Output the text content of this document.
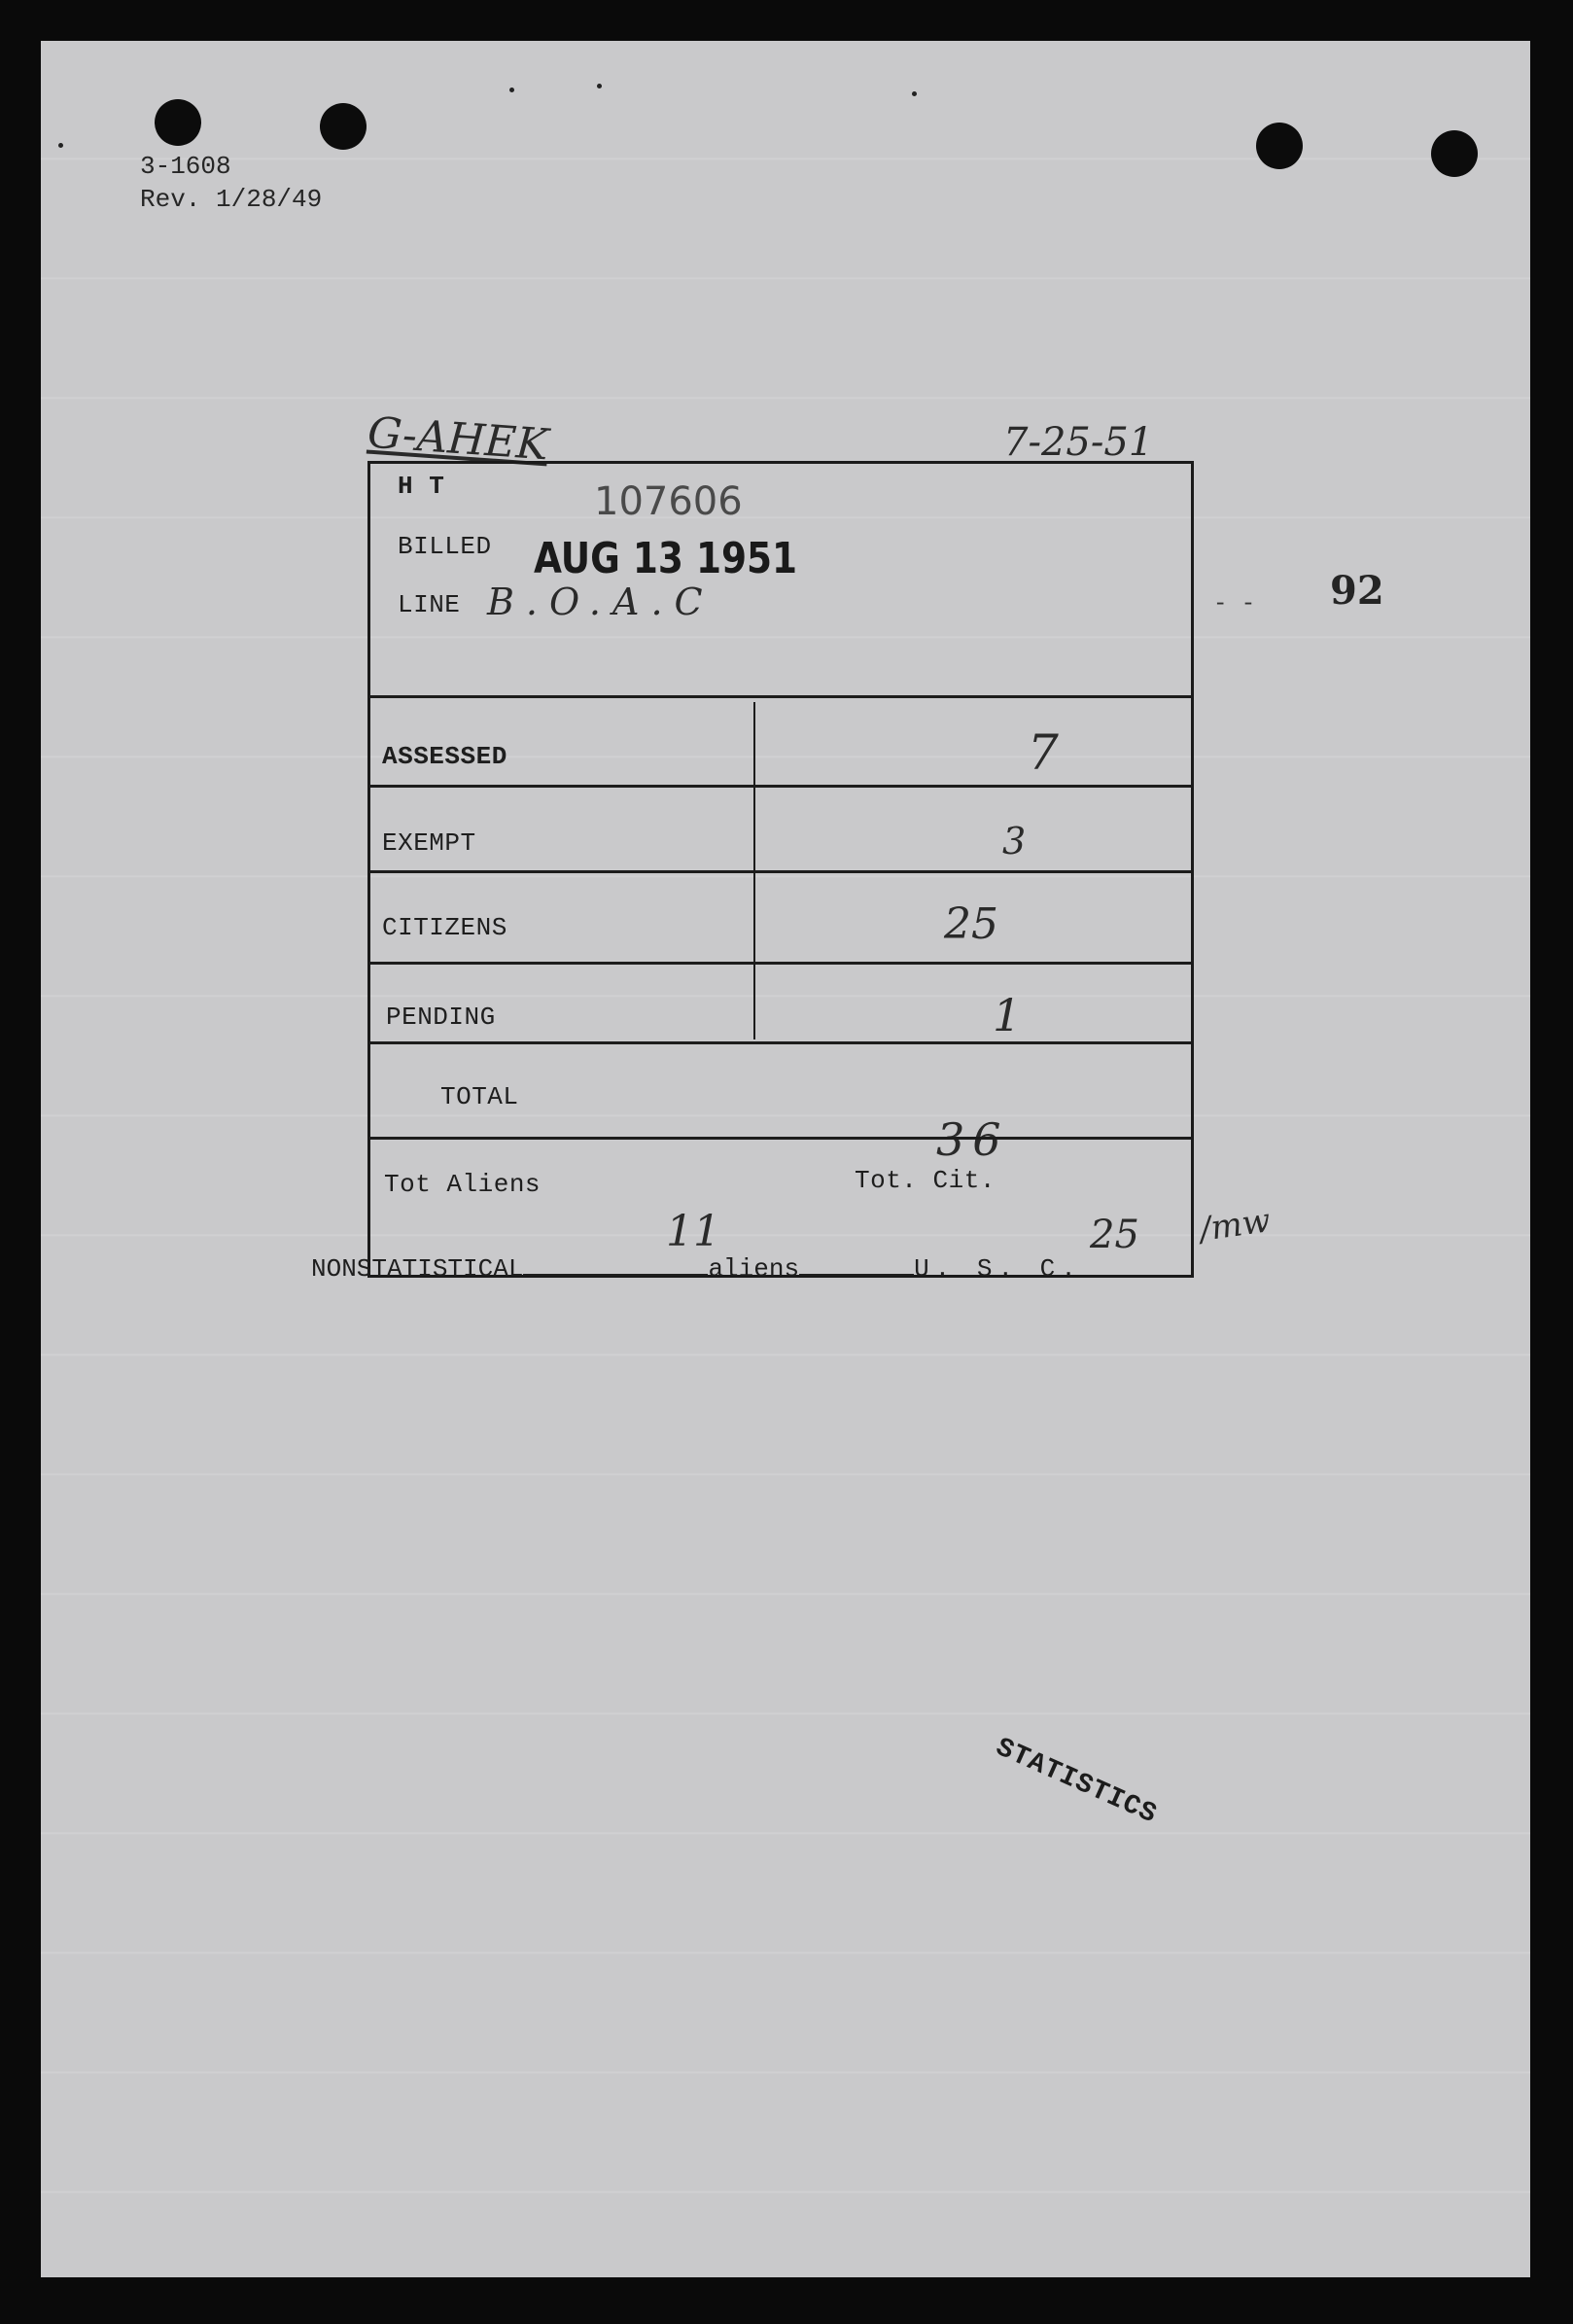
3-1608
Rev. 1/28/49
G-AHEK	7-25-51
H T	107606
BILLED AUG 13 1951
LINE B.O.A.C
ASSESSED	7
EXEMPT	3
CITIZENS	25
PENDING	1
TOTAL
36
Tot Aliens	Tot. Cit.
11	25 /mw
- - 92
NONSTATISTICAL	aliens	U. S. C.
STATISTICS
